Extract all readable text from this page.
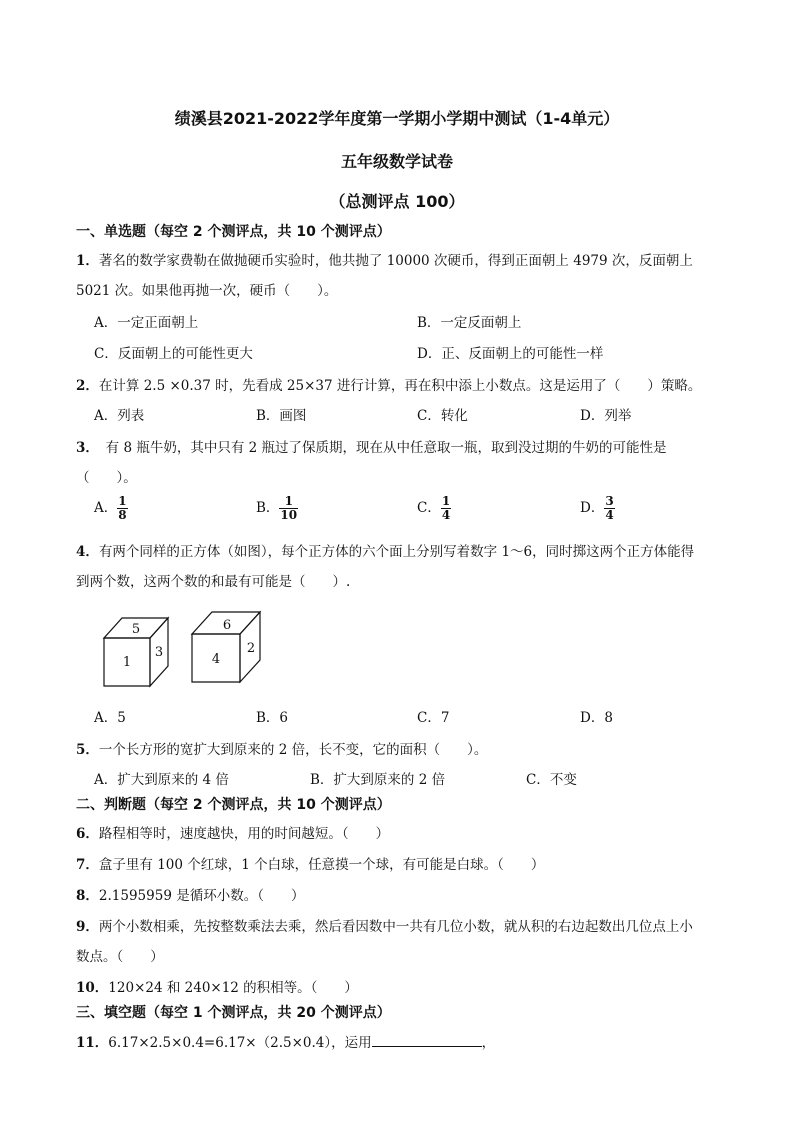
绩溪县2021-2022学年度第一学期小学期中测试（1-4单元）
五年级数学试卷
（总测评点 100）
一、单选题（每空 2 个测评点，共 10 个测评点）
1．著名的数学家费勒在做抛硬币实验时，他共抛了 10000 次硬币，得到正面朝上 4979 次，反面朝上
5021 次。如果他再抛一次，硬币（　　）。
A．一定正面朝上	B．一定反面朝上
C．反面朝上的可能性更大	D．正、反面朝上的可能性一样
2．在计算 2.5 ×0.37 时，先看成 25×37 进行计算，再在积中添上小数点。这是运用了（　　）策略。
A．列表	B．画图	C．转化	D．列举
3．　有 8 瓶牛奶，其中只有 2 瓶过了保质期，现在从中任意取一瓶，取到没过期的牛奶的可能性是
（　　）。
A． $\frac{1}{8}$	B． $\frac{1}{10}$	C． $\frac{1}{4}$	D． $\frac{3}{4}$
4．有两个同样的正方体（如图），每个正方体的六个面上分别写着数字 1～6，同时掷这两个正方体能得
到两个数，这两个数的和最有可能是（　　）.
5
1
3
6
4
2
A．5	B．6	C．7	D．8
5．一个长方形的宽扩大到原来的 2 倍，长不变，它的面积（　　）。
A．扩大到原来的 4 倍	B．扩大到原来的 2 倍	C．不变
二、判断题（每空 2 个测评点，共 10 个测评点）
6．路程相等时，速度越快，用的时间越短。（　　）
7．盒子里有 100 个红球，1 个白球，任意摸一个球，有可能是白球。（　　）
8．2.1595959 是循环小数。（　　）
9．两个小数相乘，先按整数乘法去乘，然后看因数中一共有几位小数，就从积的右边起数出几位点上小
数点。（　　）
10．120×24 和 240×12 的积相等。（　　）
三、填空题（每空 1 个测评点，共 20 个测评点）
11．6.17×2.5×0.4=6.17×（2.5×0.4），运用	，
